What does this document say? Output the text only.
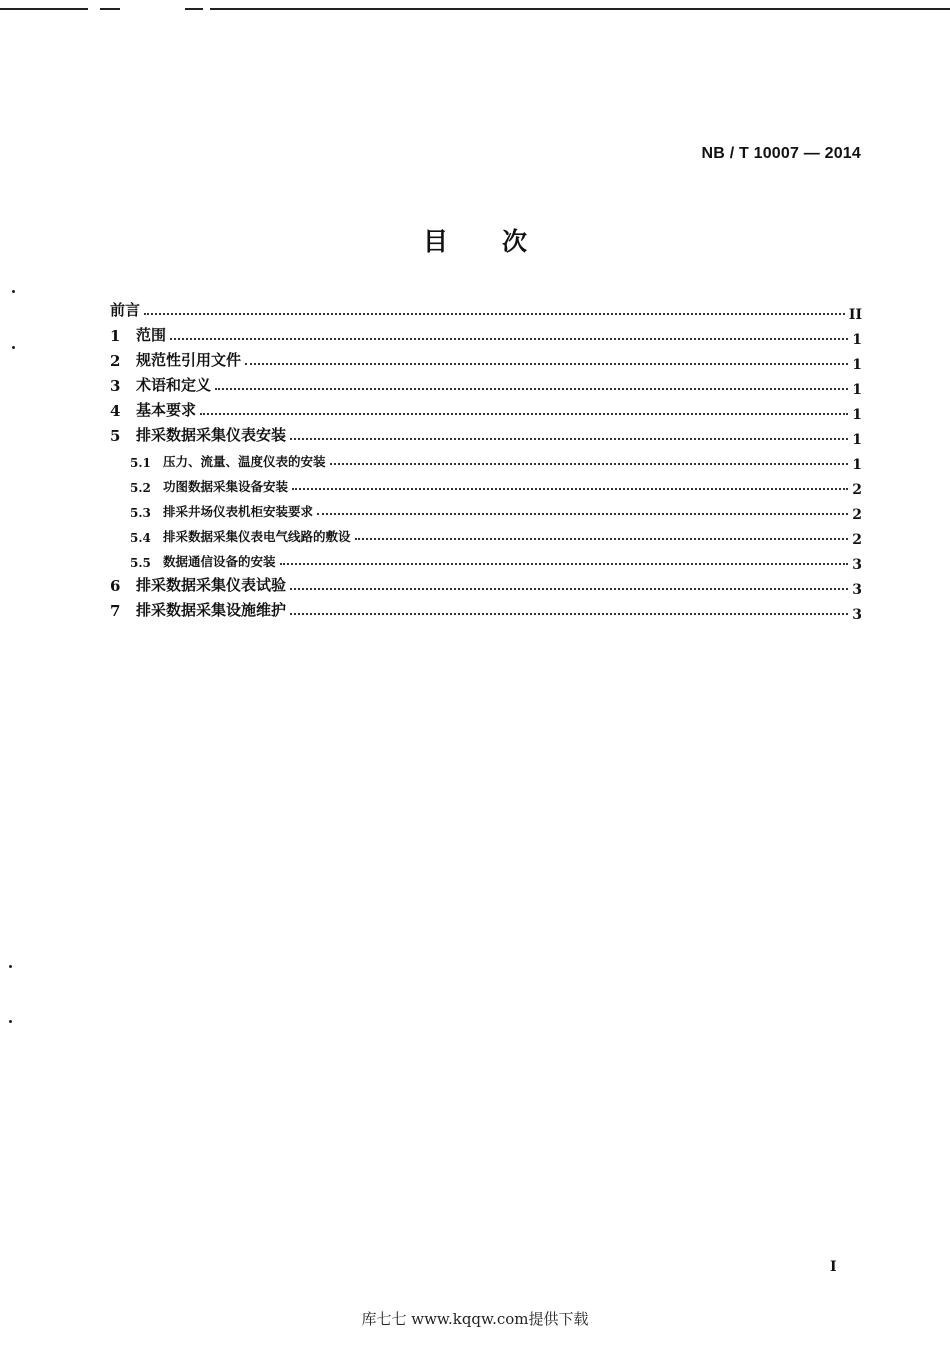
NB / T 10007 — 2014
目 次
前言	II
1	范围	1
2	规范性引用文件	1
3	术语和定义	1
4	基本要求	1
5	排采数据采集仪表安装	1
5.1 压力、流量、温度仪表的安装	1
5.2 功图数据采集设备安装	2
5.3 排采井场仪表机柜安装要求	2
5.4 排采数据采集仪表电气线路的敷设	2
5.5 数据通信设备的安装	3
6	排采数据采集仪表试验	3
7	排采数据采集设施维护	3
I
库七七 www.kqqw.com提供下载
